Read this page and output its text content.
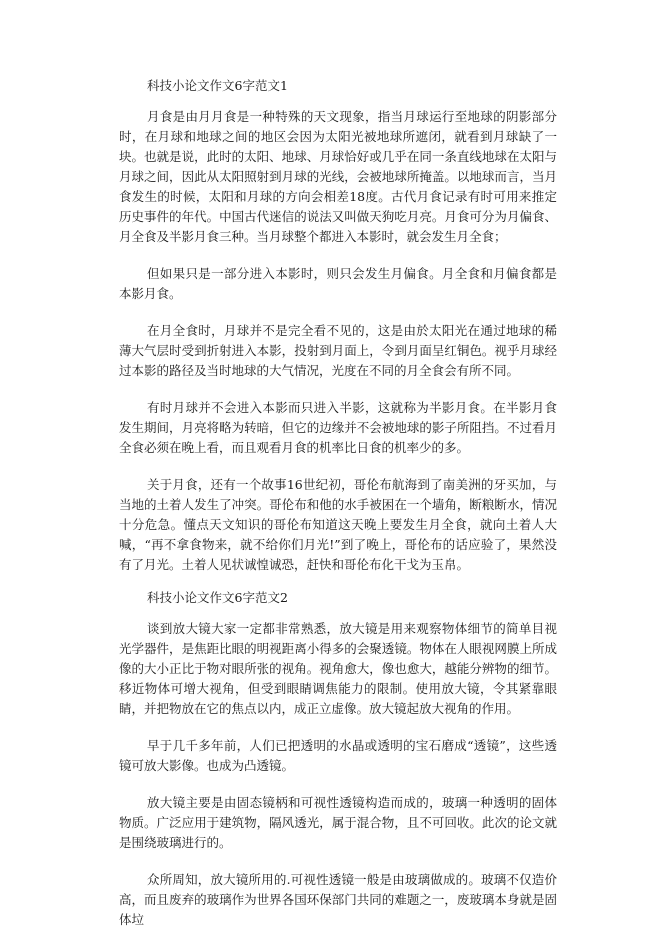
科技小论文作文6字范文1

月食是由月月食是一种特殊的天文现象，指当月球运行至地球的阴影部分时，在月球和地球之间的地区会因为太阳光被地球所遮闭，就看到月球缺了一块。也就是说，此时的太阳、地球、月球恰好或几乎在同一条直线地球在太阳与月球之间，因此从太阳照射到月球的光线，会被地球所掩盖。以地球而言，当月食发生的时候，太阳和月球的方向会相差18度。古代月食记录有时可用来推定历史事件的年代。中国古代迷信的说法又叫做天狗吃月亮。月食可分为月偏食、月全食及半影月食三种。当月球整个都进入本影时，就会发生月全食；

但如果只是一部分进入本影时，则只会发生月偏食。月全食和月偏食都是本影月食。

在月全食时，月球并不是完全看不见的，这是由於太阳光在通过地球的稀薄大气层时受到折射进入本影，投射到月面上，令到月面呈红铜色。视乎月球经过本影的路径及当时地球的大气情况，光度在不同的月全食会有所不同。

有时月球并不会进入本影而只进入半影，这就称为半影月食。在半影月食发生期间，月亮将略为转暗，但它的边缘并不会被地球的影子所阻挡。不过看月全食必须在晚上看，而且观看月食的机率比日食的机率少的多。

关于月食，还有一个故事16世纪初，哥伦布航海到了南美洲的牙买加，与当地的土着人发生了冲突。哥伦布和他的水手被困在一个墙角，断粮断水，情况十分危急。懂点天文知识的哥伦布知道这天晚上要发生月全食，就向土着人大喊，“再不拿食物来，就不给你们月光!”到了晚上，哥伦布的话应验了，果然没有了月光。土着人见状诚惶诚恐，赶快和哥伦布化干戈为玉帛。

科技小论文作文6字范文2

谈到放大镜大家一定都非常熟悉，放大镜是用来观察物体细节的简单目视光学器件，是焦距比眼的明视距离小得多的会聚透镜。物体在人眼视网膜上所成像的大小正比于物对眼所张的视角。视角愈大，像也愈大，越能分辨物的细节。移近物体可增大视角，但受到眼睛调焦能力的限制。使用放大镜，令其紧靠眼睛，并把物放在它的焦点以内，成正立虚像。放大镜起放大视角的作用。

早于几千多年前，人们已把透明的水晶或透明的宝石磨成“透镜”，这些透镜可放大影像。也成为凸透镜。

放大镜主要是由固态镜柄和可视性透镜构造而成的，玻璃一种透明的固体物质。广泛应用于建筑物，隔风透光，属于混合物，且不可回收。此次的论文就是围绕玻璃进行的。

众所周知，放大镜所用的.可视性透镜一般是由玻璃做成的。玻璃不仅造价高，而且废弃的玻璃作为世界各国环保部门共同的难题之一，废玻璃本身就是固体垃
